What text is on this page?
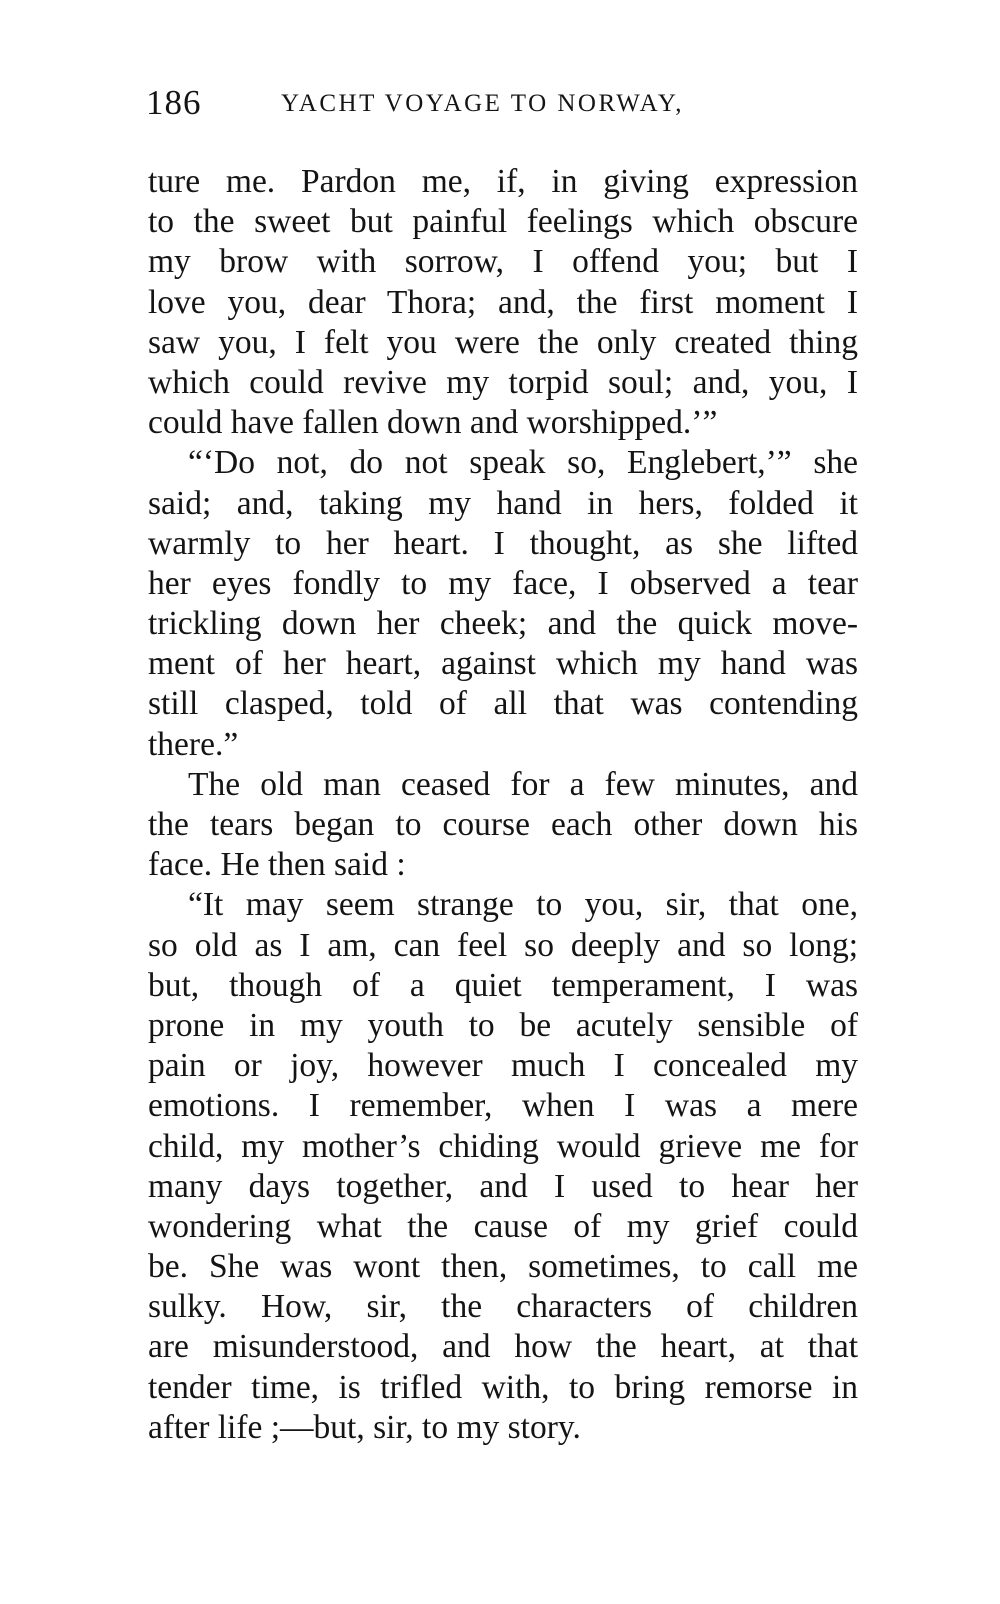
186	YACHT VOYAGE TO NORWAY,
ture me. Pardon me, if, in giving expression
to the sweet but painful feelings which obscure
my brow with sorrow, I offend you; but I
love you, dear Thora; and, the first moment I
saw you, I felt you were the only created thing
which could revive my torpid soul; and, you, I
could have fallen down and worshipped.’”
“‘Do not, do not speak so, Englebert,’” she
said; and, taking my hand in hers, folded it
warmly to her heart. I thought, as she lifted
her eyes fondly to my face, I observed a tear
trickling down her cheek; and the quick move-
ment of her heart, against which my hand was
still clasped, told of all that was contending
there.”
The old man ceased for a few minutes, and
the tears began to course each other down his
face. He then said :
“It may seem strange to you, sir, that one,
so old as I am, can feel so deeply and so long;
but, though of a quiet temperament, I was
prone in my youth to be acutely sensible of
pain or joy, however much I concealed my
emotions. I remember, when I was a mere
child, my mother’s chiding would grieve me for
many days together, and I used to hear her
wondering what the cause of my grief could
be. She was wont then, sometimes, to call me
sulky. How, sir, the characters of children
are misunderstood, and how the heart, at that
tender time, is trifled with, to bring remorse in
after life ;—but, sir, to my story.
